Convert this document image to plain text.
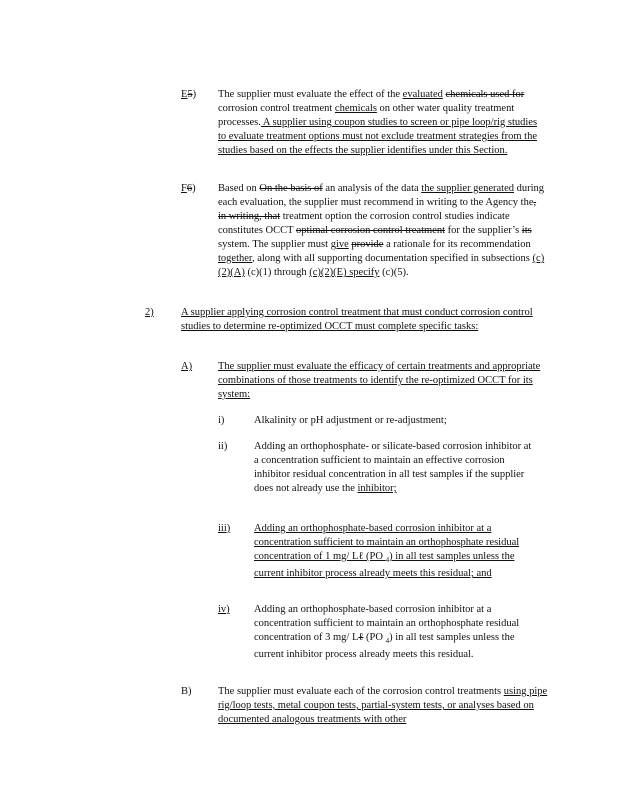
E5) The supplier must evaluate the effect of the evaluated chemicals used for corrosion control treatment chemicals on other water quality treatment processes. A supplier using coupon studies to screen or pipe loop/rig studies to evaluate treatment options must not exclude treatment strategies from the studies based on the effects the supplier identifies under this Section.

F6) Based on On the basis of an analysis of the data the supplier generated during each evaluation, the supplier must recommend in writing to the Agency the, in writing, that treatment option the corrosion control studies indicate constitutes OCCT optimal corrosion control treatment for the supplier’s its system. The supplier must give provide a rationale for its recommendation together, along with all supporting documentation specified in subsections (c)(2)(A) (c)(1) through (c)(2)(E) specify (c)(5).

2)	A supplier applying corrosion control treatment that must conduct corrosion control studies to determine re-optimized OCCT must complete specific tasks:
A) The supplier must evaluate the efficacy of certain treatments and appropriate combinations of those treatments to identify the re-optimized OCCT for its system:
i)	Alkalinity or pH adjustment or re-adjustment;
ii)	Adding an orthophosphate- or silicate-based corrosion inhibitor at a concentration sufficient to maintain an effective corrosion inhibitor residual concentration in all test samples if the supplier does not already use the inhibitor;

iii) Adding an orthophosphate-based corrosion inhibitor at a concentration sufficient to maintain an orthophosphate residual concentration of 1 mg/ Lℓ (PO $_4$) in all test samples unless the current inhibitor process already meets this residual; and

iv) Adding an orthophosphate-based corrosion inhibitor at a concentration sufficient to maintain an orthophosphate residual concentration of 3 mg/ Lℓ (PO $_4$) in all test samples unless the current inhibitor process already meets this residual.

B)	The supplier must evaluate each of the corrosion control treatments using pipe rig/loop tests, metal coupon tests, partial-system tests, or analyses based on documented analogous treatments with other
